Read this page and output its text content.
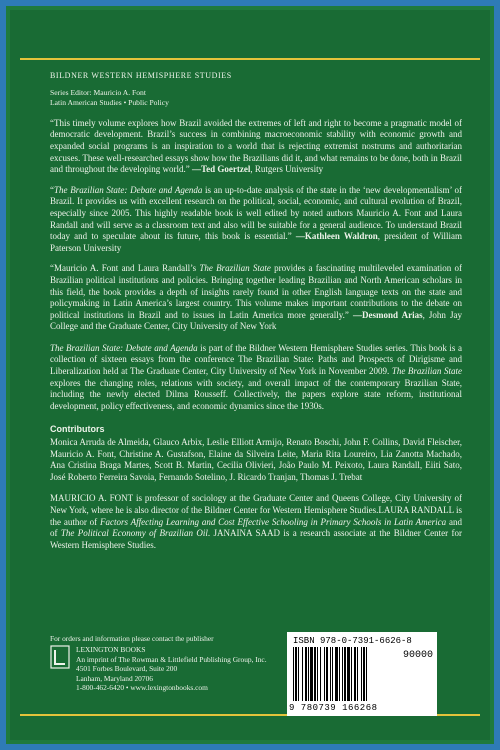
BILDNER WESTERN HEMISPHERE STUDIES
Series Editor: Mauricio A. Font
Latin American Studies • Public Policy
“This timely volume explores how Brazil avoided the extremes of left and right to become a pragmatic model of democratic development. Brazil’s success in combining macroeconomic stability with economic growth and expanded social programs is an inspiration to a world that is rejecting extremist nostrums and authoritarian excuses. These well-researched essays show how the Brazilians did it, and what remains to be done, both in Brazil and throughout the developing world.” —Ted Goertzel, Rutgers University
“The Brazilian State: Debate and Agenda is an up-to-date analysis of the state in the ‘new developmentalism’ of Brazil. It provides us with excellent research on the political, social, economic, and cultural evolution of Brazil, especially since 2005. This highly readable book is well edited by noted authors Mauricio A. Font and Laura Randall and will serve as a classroom text and also will be suitable for a general audience. To understand Brazil today and to speculate about its future, this book is essential.” —Kathleen Waldron, president of William Paterson University
“Mauricio A. Font and Laura Randall’s The Brazilian State provides a fascinating multileveled examination of Brazilian political institutions and policies. Bringing together leading Brazilian and North American scholars in this field, the book provides a depth of insights rarely found in other English language texts on the state and policymaking in Latin America’s largest country. This volume makes important contributions to the debate on political institutions in Brazil and to issues in Latin America more generally.” —Desmond Arias, John Jay College and the Graduate Center, City University of New York
The Brazilian State: Debate and Agenda is part of the Bildner Western Hemisphere Studies series. This book is a collection of sixteen essays from the conference The Brazilian State: Paths and Prospects of Dirigisme and Liberalization held at The Graduate Center, City University of New York in November 2009. The Brazilian State explores the changing roles, relations with society, and overall impact of the contemporary Brazilian State, including the newly elected Dilma Rousseff. Collectively, the papers explore state reform, institutional development, policy effectiveness, and economic dynamics since the 1930s.
Contributors
Monica Arruda de Almeida, Glauco Arbix, Leslie Elliott Armijo, Renato Boschi, John F. Collins, David Fleischer, Mauricio A. Font, Christine A. Gustafson, Elaine da Silveira Leite, Maria Rita Loureiro, Lia Zanotta Machado, Ana Cristina Braga Martes, Scott B. Martin, Cecilia Olivieri, João Paulo M. Peixoto, Laura Randall, Eiiti Sato, José Roberto Ferreira Savoia, Fernando Sotelino, J. Ricardo Tranjan, Thomas J. Trebat
MAURICIO A. FONT is professor of sociology at the Graduate Center and Queens College, City University of New York, where he is also director of the Bildner Center for Western Hemisphere Studies.LAURA RANDALL is the author of Factors Affecting Learning and Cost Effective Schooling in Primary Schools in Latin America and of The Political Economy of Brazilian Oil. JANAINA SAAD is a research associate at the Bildner Center for Western Hemisphere Studies.
For orders and information please contact the publisher
LEXINGTON BOOKS
An imprint of The Rowman & Littlefield Publishing Group, Inc.
4501 Forbes Boulevard, Suite 200
Lanham, Maryland 20706
1-800-462-6420 • www.lexingtonbooks.com
ISBN 978-0-7391-6626-8
90000
9 780739 166268
